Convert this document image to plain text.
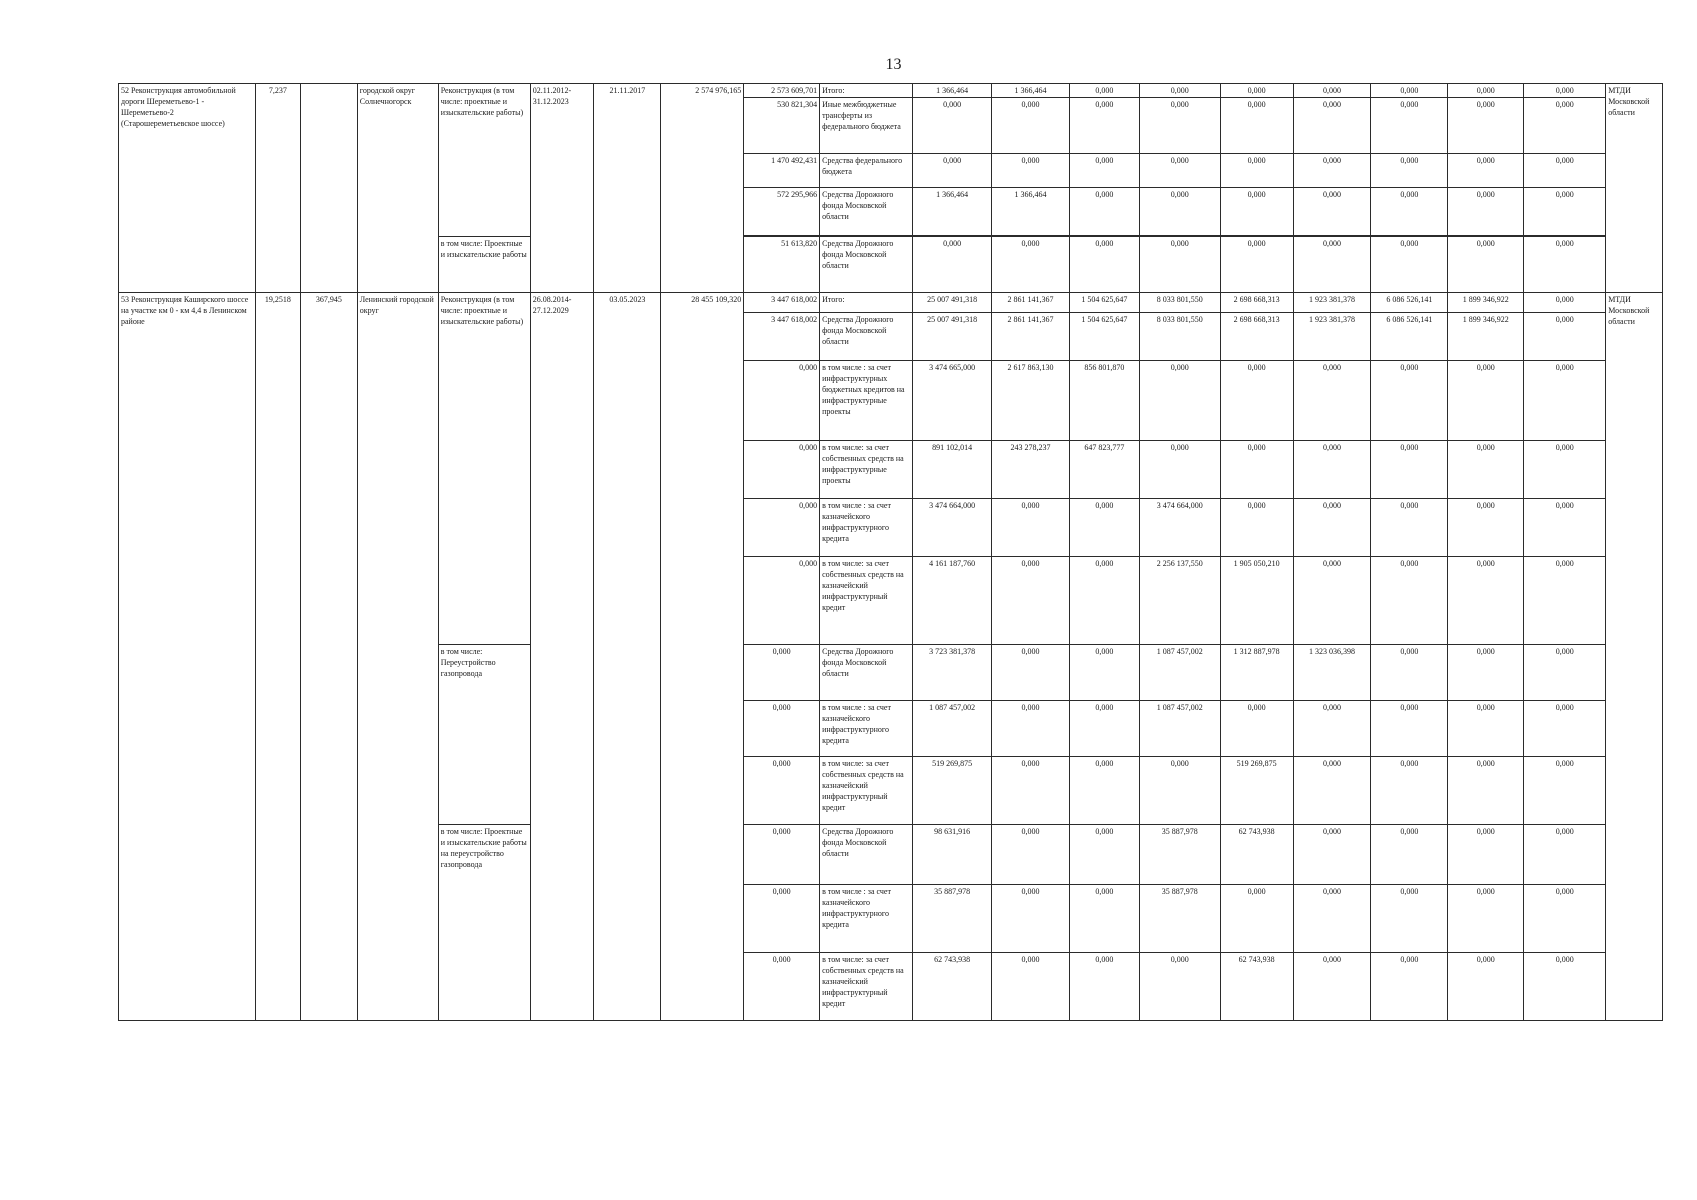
13
52 Реконструкция автомобильной дороги Шереметьево-1 - Шереметьево-2 (Старошереметьевское шоссе)	7,237		городской округ Солнечногорск	Реконструкция (в том числе: проектные и изыскательские работы)	02.11.2012-31.12.2023	21.11.2017	2 574 976,165	2 573 609,701	Итого:	1 366,464	1 366,464	0,000	0,000	0,000	0,000	0,000	0,000	0,000	МТДИ Московской области
								530 821,304	Иные межбюджетные трансферты из федерального бюджета	0,000	0,000	0,000	0,000	0,000	0,000	0,000	0,000	0,000	
								1 470 492,431	Средства федерального бюджета	0,000	0,000	0,000	0,000	0,000	0,000	0,000	0,000	0,000	
								572 295,966	Средства Дорожного фонда Московской области	1 366,464	1 366,464	0,000	0,000	0,000	0,000	0,000	0,000	0,000	

				в том числе: Проектные и изыскательские работы				51 613,820	Средства Дорожного фонда Московской области	0,000	0,000	0,000	0,000	0,000	0,000	0,000	0,000	0,000	
53 Реконструкция Каширского шоссе на участке км 0 - км 4,4 в Ленинском районе	19,2518	367,945	Ленинский городской округ	Реконструкция (в том числе: проектные и изыскательские работы)	26.08.2014-27.12.2029	03.05.2023	28 455 109,320	3 447 618,002	Итого:	25 007 491,318	2 861 141,367	1 504 625,647	8 033 801,550	2 698 668,313	1 923 381,378	6 086 526,141	1 899 346,922	0,000	МТДИ Московской области
								3 447 618,002	Средства Дорожного фонда Московской области	25 007 491,318	2 861 141,367	1 504 625,647	8 033 801,550	2 698 668,313	1 923 381,378	6 086 526,141	1 899 346,922	0,000	
								0,000	в том числе : за счет инфраструктурных бюджетных кредитов на инфраструктурные проекты	3 474 665,000	2 617 863,130	856 801,870	0,000	0,000	0,000	0,000	0,000	0,000	
								0,000	в том числе: за счет собственных средств на инфраструктурные проекты	891 102,014	243 278,237	647 823,777	0,000	0,000	0,000	0,000	0,000	0,000	
								0,000	в том числе : за счет казначейского инфраструктурного кредита	3 474 664,000	0,000	0,000	3 474 664,000	0,000	0,000	0,000	0,000	0,000	
								0,000	в том числе: за счет собственных средств на казначейский инфраструктурный кредит	4 161 187,760	0,000	0,000	2 256 137,550	1 905 050,210	0,000	0,000	0,000	0,000	
				в том числе: Переустройство газопровода				0,000	Средства Дорожного фонда Московской области	3 723 381,378	0,000	0,000	1 087 457,002	1 312 887,978	1 323 036,398	0,000	0,000	0,000	
								0,000	в том числе : за счет казначейского инфраструктурного кредита	1 087 457,002	0,000	0,000	1 087 457,002	0,000	0,000	0,000	0,000	0,000	
								0,000	в том числе: за счет собственных средств на казначейский инфраструктурный кредит	519 269,875	0,000	0,000	0,000	519 269,875	0,000	0,000	0,000	0,000	
				в том числе: Проектные и изыскательские работы на переустройство газопровода				0,000	Средства Дорожного фонда Московской области	98 631,916	0,000	0,000	35 887,978	62 743,938	0,000	0,000	0,000	0,000	
								0,000	в том числе : за счет казначейского инфраструктурного кредита	35 887,978	0,000	0,000	35 887,978	0,000	0,000	0,000	0,000	0,000	
								0,000	в том числе: за счет собственных средств на казначейский инфраструктурный кредит	62 743,938	0,000	0,000	0,000	62 743,938	0,000	0,000	0,000	0,000	
